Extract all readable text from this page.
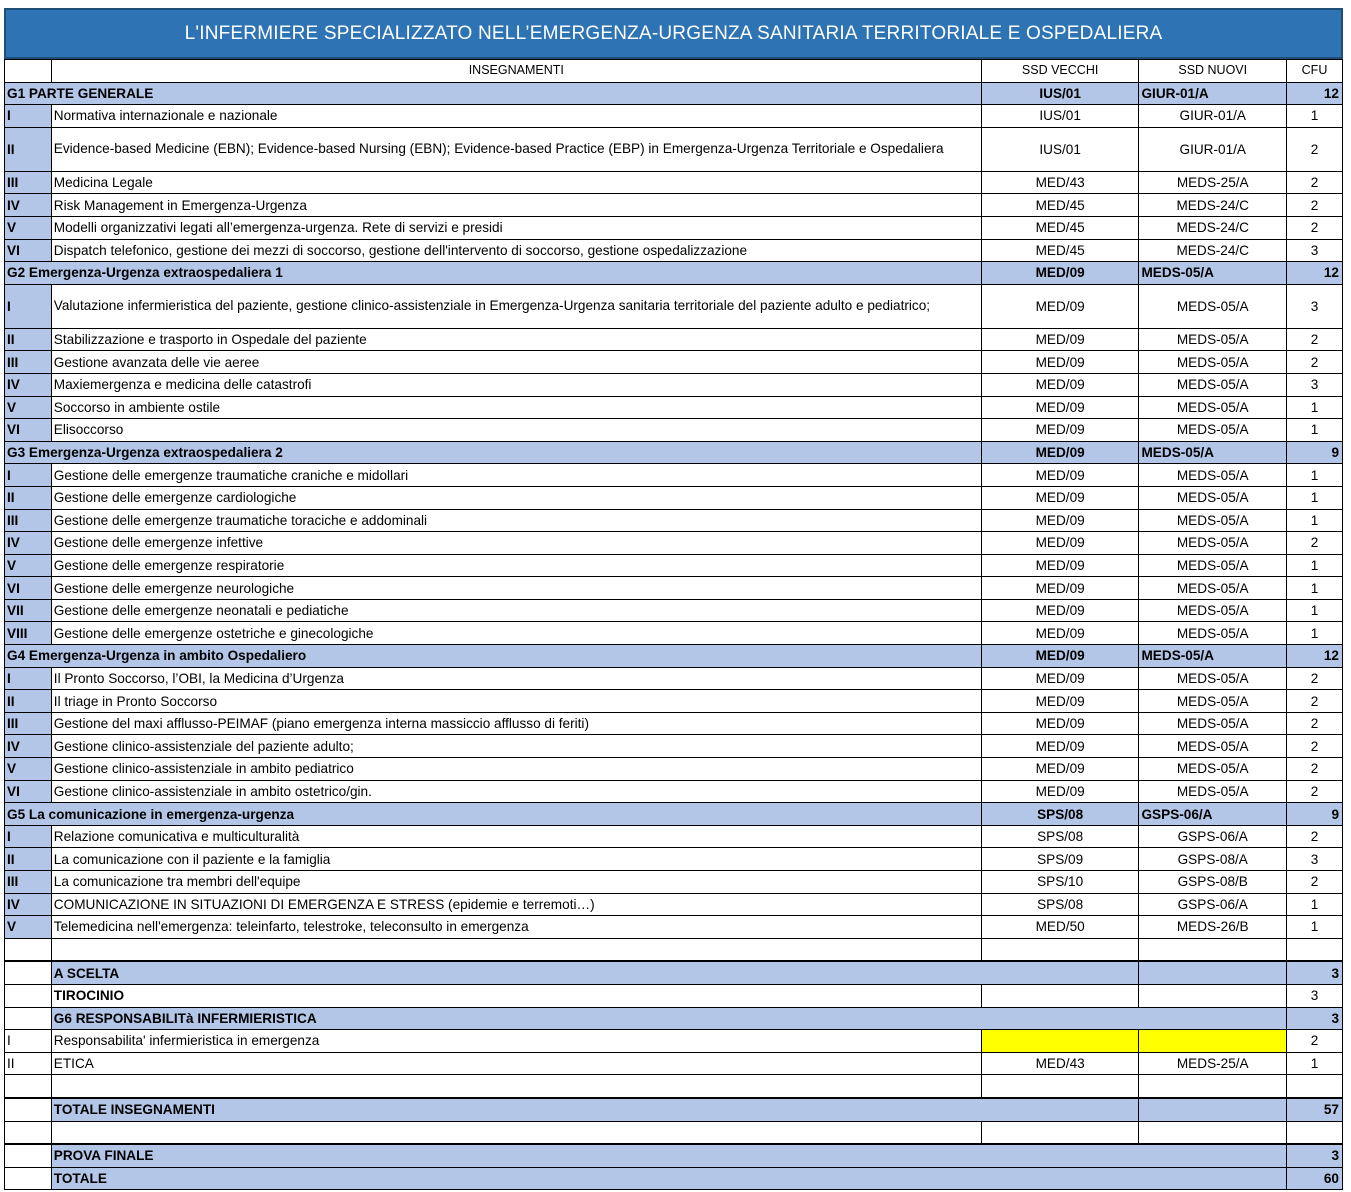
L'INFERMIERE SPECIALIZZATO NELL’EMERGENZA-URGENZA SANITARIA TERRITORIALE E OSPEDALIERA
	INSEGNAMENTI	SSD VECCHI	SSD NUOVI	CFU
G1 PARTE GENERALE		IUS/01	GIUR-01/A	12
I	Normativa internazionale e nazionale	IUS/01	GIUR-01/A	1
II	Evidence-based Medicine (EBN); Evidence-based Nursing (EBN); Evidence-based Practice (EBP) in Emergenza-Urgenza Territoriale e Ospedaliera	IUS/01	GIUR-01/A	2
III	Medicina Legale	MED/43	MEDS-25/A	2
IV	Risk Management in Emergenza-Urgenza	MED/45	MEDS-24/C	2
V	Modelli organizzativi legati all’emergenza-urgenza. Rete di servizi e presidi	MED/45	MEDS-24/C	2
VI	Dispatch telefonico, gestione dei mezzi di soccorso, gestione dell'intervento di soccorso, gestione ospedalizzazione	MED/45	MEDS-24/C	3
G2 Emergenza-Urgenza extraospedaliera 1		MED/09	MEDS-05/A	12
I	Valutazione infermieristica del paziente, gestione clinico-assistenziale in Emergenza-Urgenza sanitaria territoriale del paziente adulto e pediatrico;	MED/09	MEDS-05/A	3
II	Stabilizzazione e trasporto in Ospedale del paziente	MED/09	MEDS-05/A	2
III	Gestione avanzata delle vie aeree	MED/09	MEDS-05/A	2
IV	Maxiemergenza e medicina delle catastrofi	MED/09	MEDS-05/A	3
V	Soccorso in ambiente ostile	MED/09	MEDS-05/A	1
VI	Elisoccorso	MED/09	MEDS-05/A	1
G3 Emergenza-Urgenza extraospedaliera 2		MED/09	MEDS-05/A	9
I	Gestione delle emergenze traumatiche craniche e midollari	MED/09	MEDS-05/A	1
II	Gestione delle emergenze cardiologiche	MED/09	MEDS-05/A	1
III	Gestione delle emergenze traumatiche toraciche e addominali	MED/09	MEDS-05/A	1
IV	Gestione delle emergenze infettive	MED/09	MEDS-05/A	2
V	Gestione delle emergenze respiratorie	MED/09	MEDS-05/A	1
VI	Gestione delle emergenze neurologiche	MED/09	MEDS-05/A	1
VII	Gestione delle emergenze neonatali e pediatiche	MED/09	MEDS-05/A	1
VIII	Gestione delle emergenze ostetriche e ginecologiche	MED/09	MEDS-05/A	1
G4 Emergenza-Urgenza in ambito Ospedaliero		MED/09	MEDS-05/A	12
I	Il Pronto Soccorso, l’OBI, la Medicina d’Urgenza	MED/09	MEDS-05/A	2
II	Il triage in Pronto Soccorso	MED/09	MEDS-05/A	2
III	Gestione del maxi afflusso-PEIMAF (piano emergenza interna massiccio afflusso di feriti)	MED/09	MEDS-05/A	2
IV	Gestione clinico-assistenziale del paziente adulto;	MED/09	MEDS-05/A	2
V	Gestione clinico-assistenziale in ambito pediatrico	MED/09	MEDS-05/A	2
VI	Gestione clinico-assistenziale in ambito ostetrico/gin.	MED/09	MEDS-05/A	2
G5 La comunicazione in emergenza-urgenza		SPS/08	GSPS-06/A	9
I	Relazione comunicativa e multiculturalità	SPS/08	GSPS-06/A	2
II	La comunicazione con il paziente e la famiglia	SPS/09	GSPS-08/A	3
III	La comunicazione tra membri dell'equipe	SPS/10	GSPS-08/B	2
IV	COMUNICAZIONE IN SITUAZIONI DI EMERGENZA E STRESS (epidemie e terremoti…)	SPS/08	GSPS-06/A	1
V	Telemedicina nell'emergenza: teleinfarto, telestroke, teleconsulto in emergenza	MED/50	MEDS-26/B	1

	A SCELTA			3
	TIROCINIO			3
	G6 RESPONSABILITà INFERMIERISTICA			3
I	Responsabilita' infermieristica in emergenza			2
II	ETICA	MED/43	MEDS-25/A	1

	TOTALE INSEGNAMENTI			57

	PROVA FINALE			3
	TOTALE			60
